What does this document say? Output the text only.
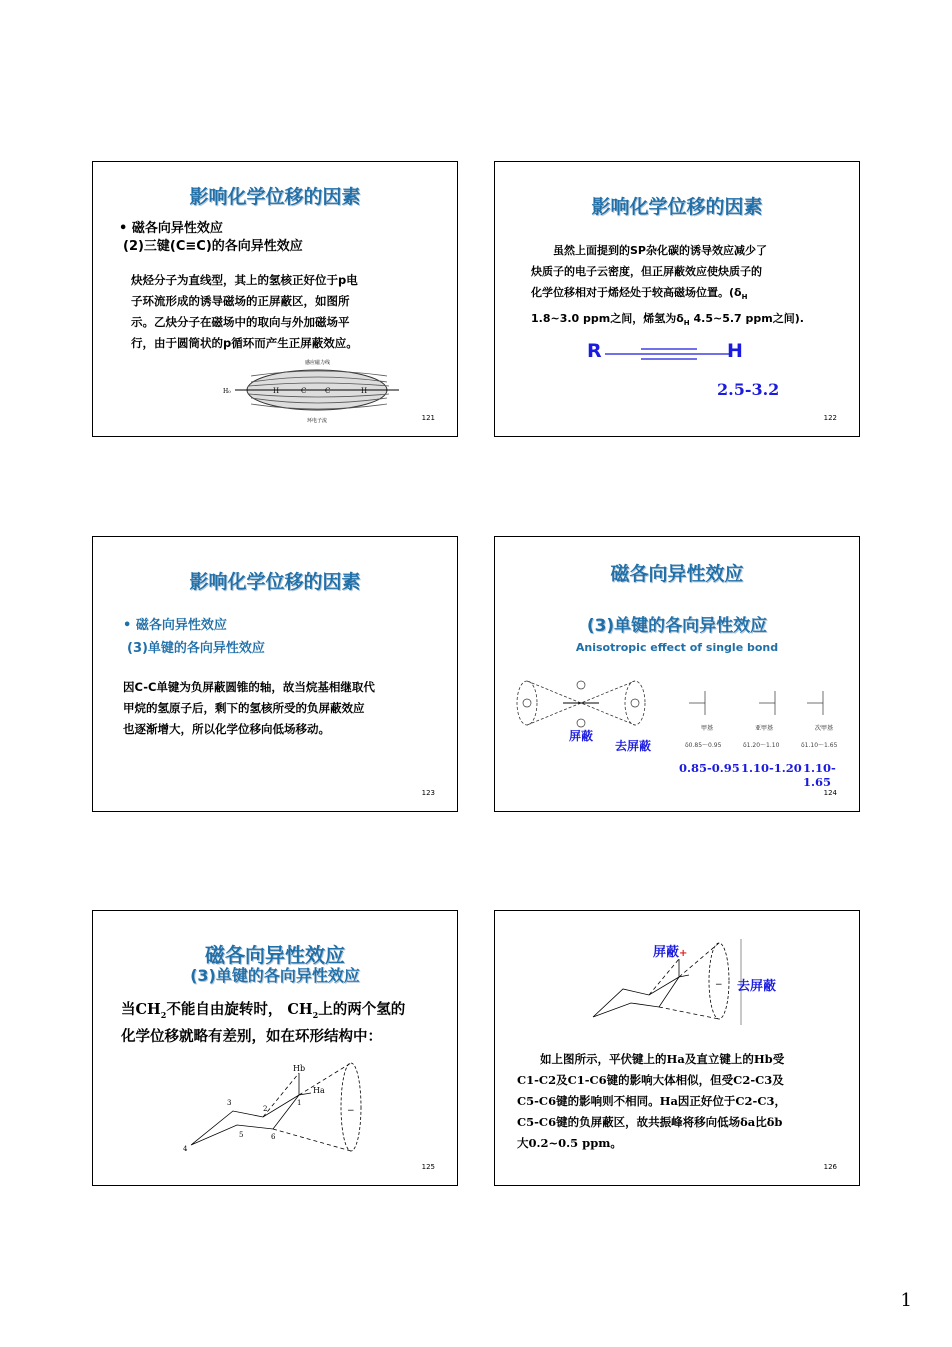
影响化学位移的因素
• 磁各向异性效应
(2)三键(C≡C)的各向异性效应
炔烃分子为直线型，其上的氢核正好位于p电
子环流形成的诱导磁场的正屏蔽区，如图所
示。乙炔分子在磁场中的取向与外加磁场平
行，由于圆筒状的p循环而产生正屏蔽效应。
H₀	C	C
H	H
感应磁力线
环电子流	121
影响化学位移的因素
　　虽然上面提到的SP杂化碳的诱导效应减少了
炔质子的电子云密度，但正屏蔽效应使炔质子的
化学位移相对于烯烃处于较高磁场位置。($\delta_H$
1.8~3.0 ppm之间，烯氢为$\delta_H$ 4.5~5.7 ppm之间).
R	H
2.5-3.2
122
影响化学位移的因素
• 磁各向异性效应
(3)单键的各向异性效应
因C-C单键为负屏蔽圆锥的轴，故当烷基相继取代
甲烷的氢原子后，剩下的氢核所受的负屏蔽效应
也逐渐增大，所以化学位移向低场移动。
123
磁各向异性效应
(3)单键的各向异性效应
Anisotropic effect of single bond
屏蔽
去屏蔽
甲基	亚甲基	次甲基
δ0.85～0.95	δ1.20～1.10	δ1.10～1.65
0.85-0.95 1.10-1.20 1.10-1.65
124
磁各向异性效应
(3)单键的各向异性效应
当$CH_2$不能自由旋转时， $CH_2$上的两个氢的
化学位移就略有差别，如在环形结构中：
Hb
Ha
1
2
3
4
5	6
−
125
屏蔽+
− 去屏蔽
　　如上图所示，平伏键上的Ha及直立键上的Hb受
C1-C2及C1-C6键的影响大体相似，但受C2-C3及
C5-C6键的影响则不相同。Ha因正好位于C2-C3，
C5-C6键的负屏蔽区，故共振峰将移向低场δa比δb
大0.2~0.5 ppm。
126
1
